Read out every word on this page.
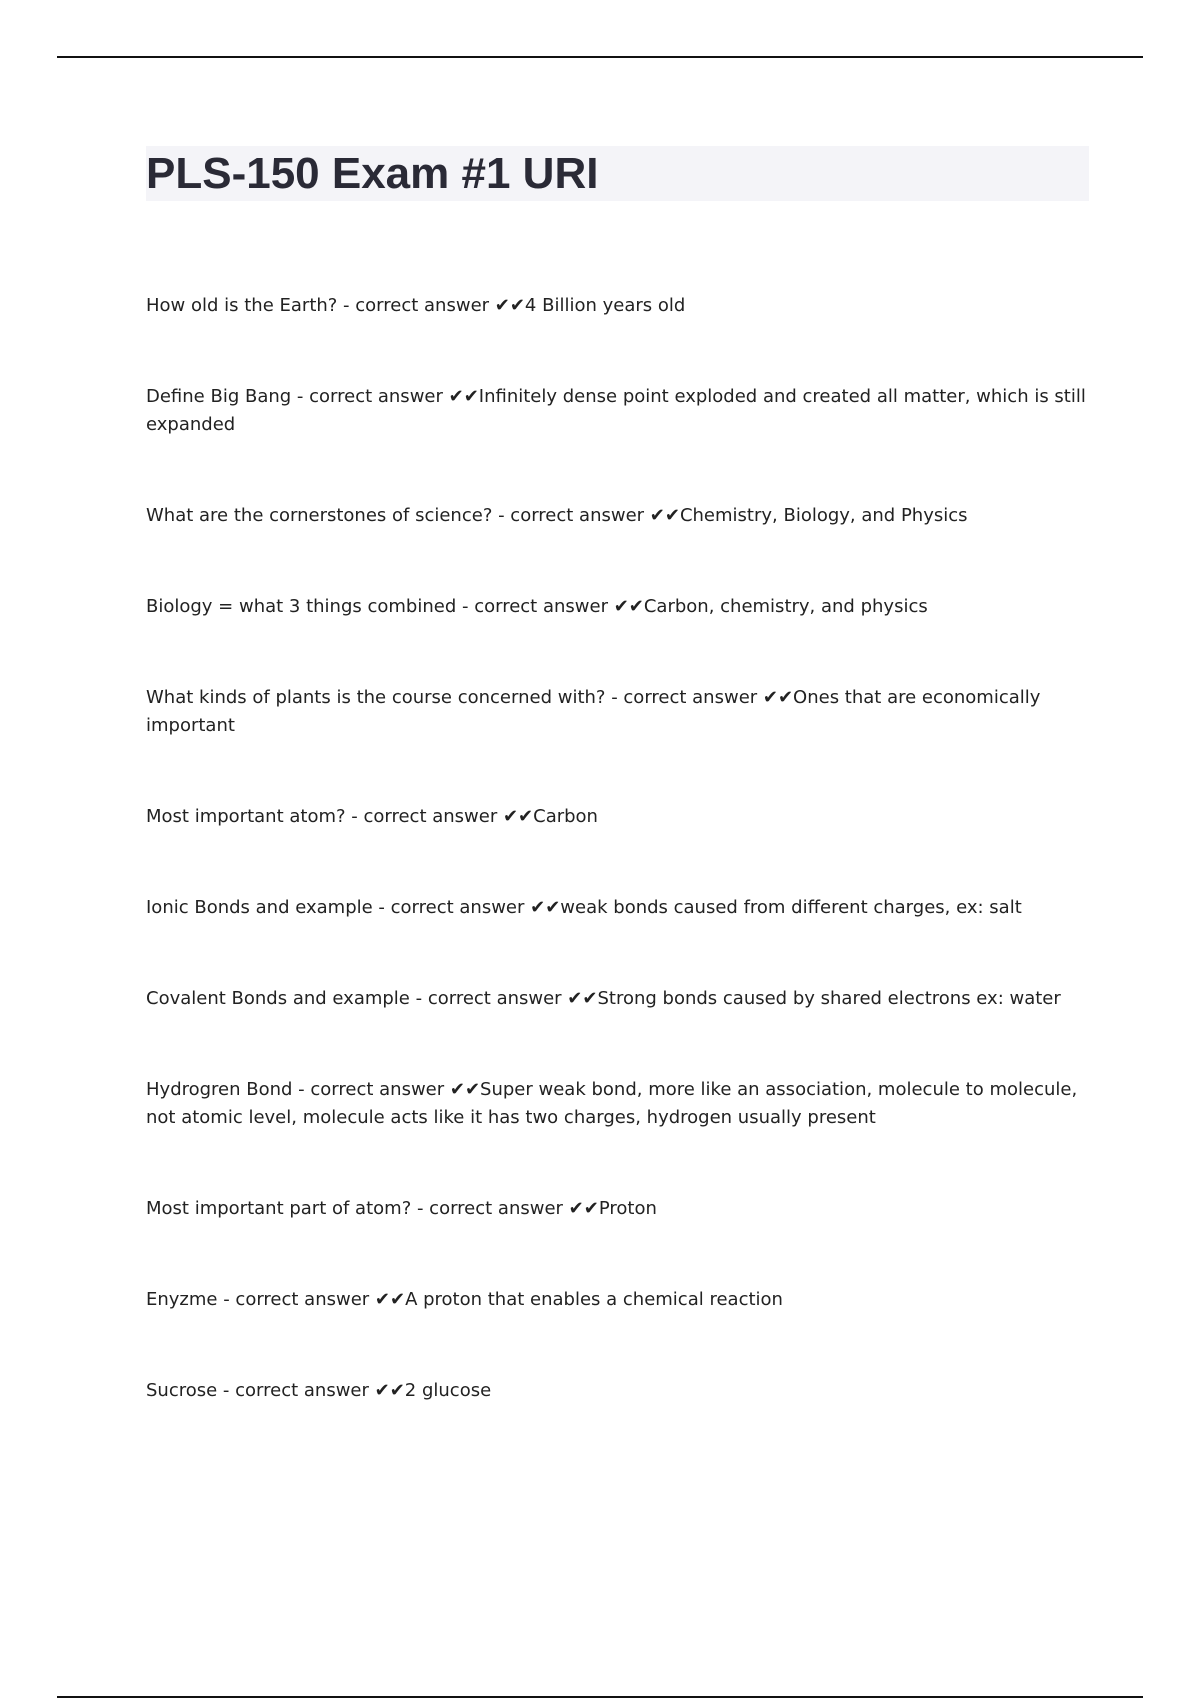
PLS-150 Exam #1 URI
How old is the Earth? - correct answer ✔✔4 Billion years old
Define Big Bang - correct answer ✔✔Infinitely dense point exploded and created all matter, which is still expanded
What are the cornerstones of science? - correct answer ✔✔Chemistry, Biology, and Physics
Biology = what 3 things combined - correct answer ✔✔Carbon, chemistry, and physics
What kinds of plants is the course concerned with? - correct answer ✔✔Ones that are economically important
Most important atom? - correct answer ✔✔Carbon
Ionic Bonds and example - correct answer ✔✔weak bonds caused from different charges, ex: salt
Covalent Bonds and example - correct answer ✔✔Strong bonds caused by shared electrons ex: water
Hydrogren Bond - correct answer ✔✔Super weak bond, more like an association, molecule to molecule, not atomic level, molecule acts like it has two charges, hydrogen usually present
Most important part of atom? - correct answer ✔✔Proton
Enyzme - correct answer ✔✔A proton that enables a chemical reaction
Sucrose - correct answer ✔✔2 glucose
